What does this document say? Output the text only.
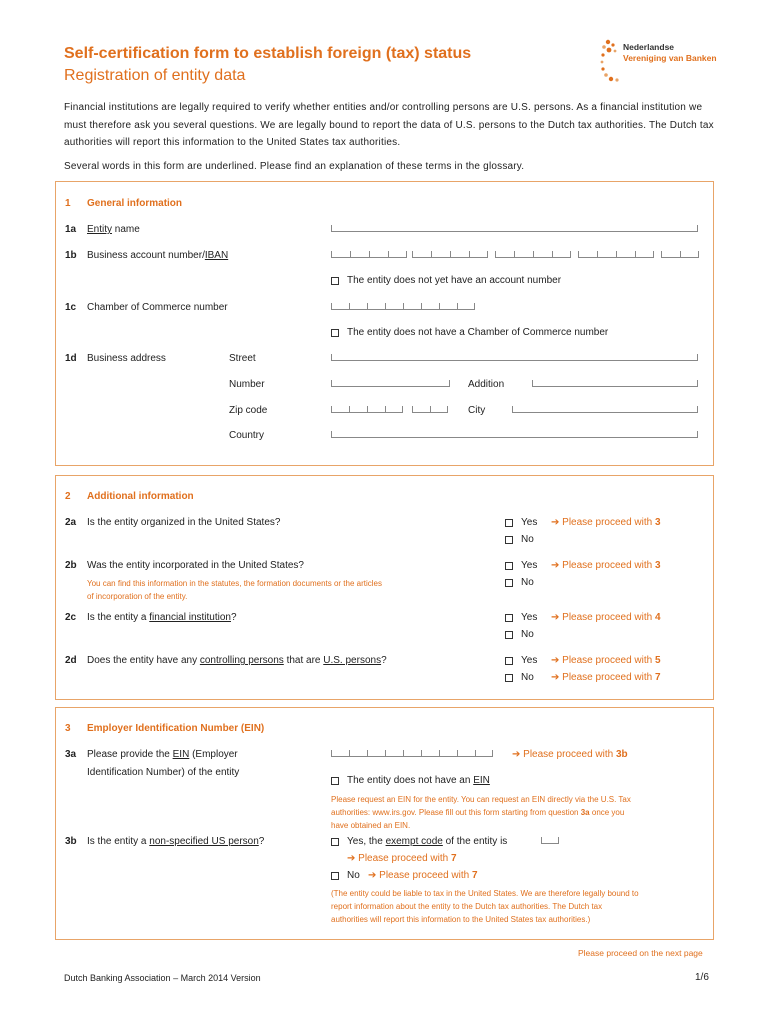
Self-certification form to establish foreign (tax) status
Registration of entity data
Nederlandse
Vereniging van Banken
Financial institutions are legally required to verify whether entities and/or controlling persons are U.S. persons. As a financial institution we must therefore ask you several questions. We are legally bound to report the data of U.S. persons to the Dutch tax authorities. The Dutch tax authorities will report this information to the United States tax authorities.
Several words in this form are underlined. Please find an explanation of these terms in the glossary.
1 General information
1a Entity name
1b Business account number/IBAN
The entity does not yet have an account number
1c Chamber of Commerce number
The entity does not have a Chamber of Commerce number
1d Business address	Street
Number	Addition
Zip code	City
Country
2 Additional information
2a Is the entity organized in the United States?	Yes ➔ Please proceed with 3
No
2b Was the entity incorporated in the United States?
You can find this information in the statutes, the formation documents or the articles
of incorporation of the entity.
Yes ➔ Please proceed with 3
No
2c Is the entity a financial institution?	Yes ➔ Please proceed with 4
No
2d Does the entity have any controlling persons that are U.S. persons?	Yes ➔ Please proceed with 5
No ➔ Please proceed with 7
3 Employer Identification Number (EIN)
3a Please provide the EIN (Employer
Identification Number) of the entity
➔ Please proceed with 3b
The entity does not have an EIN
Please request an EIN for the entity. You can request an EIN directly via the U.S. Tax
authorities: www.irs.gov. Please fill out this form starting from question 3a once you
have obtained an EIN.
3b Is the entity a non-specified US person?	Yes, the exempt code of the entity is
➔ Please proceed with 7
No ➔ Please proceed with 7
(The entity could be liable to tax in the United States. We are therefore legally bound to
report information about the entity to the Dutch tax authorities. The Dutch tax
authorities will report this information to the United States tax authorities.)
Please proceed on the next page
Dutch Banking Association – March 2014 Version	1/6
